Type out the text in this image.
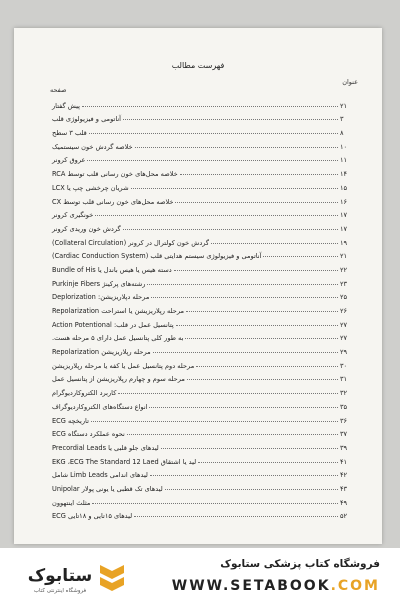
فهرست مطالب
عنوان
صفحه
پیش گفتار	۲۱
آناتومی و فیزیولوژی قلب	۳
قلب ۳ سطح	۸
خلاصه گردش خون سیستمیک	۱۰
عروق کرونر	۱۱
خلاصه محل‌های خون رسانی قلب توسط RCA	۱۴
شریان چرخشی چپ یا LCX	۱۵
خلاصه محل‌های خون رسانی قلب توسط CX	۱۶
خونگیری کرونر	۱۷
گردش خون وریدی کرونر	۱۷
گردش خون کولترال در کرونر (Collateral Circulation)	۱۹
آناتومی و فیزیولوژی سیستم هدایتی قلب (Cardiac Conduction System)	۲۱
دسته هیس یا هیس باندل یا Bundle of His	۲۲
رشته‌های پرکینژ Purkinje Fibers	۲۳
مرحله دپلاریزیشن: Deplorization	۲۵
مرحله رپلاریزیشن یا استراحت Repolarization	۲۶
پتانسیل عمل در قلب: Action Potentional	۲۷
به طور کلی پتانسیل عمل دارای ۵ مرحله هست.	۲۷
مرحله رپلاریزیشن Repolarization	۲۹
مرحله دوم پتانسیل عمل یا کفه یا مرحله رپلاریزیشن	۳۰
مرحله سوم و چهارم رپلاریزیشن از پتانسیل عمل	۳۱
کاربرد الکتروکاردیوگرام	۳۲
انواع دستگاه‌های الکتروکاردیوگراف	۳۵
تاریخچه ECG	۳۶
نحوه عملکرد دستگاه ECG	۳۷
لیدهای جلو قلبی یا Precordial Leads	۳۹
لید یا اشتقاق EKG ،ECG The Standard 12 Laed	۴۱
لیدهای اندامی Limb Leads شامل	۴۲
لیدهای تک قطبی یا یونی پولار Unipolar	۴۳
مثلث اینتهوون	۴۹
لیدهای ۱۵تایی و ۱۸تایی ECG	۵۲
ستابوک
فروشگاه اینترنتی کتاب
فروشگاه کتاب پزشکی ستابوک
WWW.SETABOOK.COM
